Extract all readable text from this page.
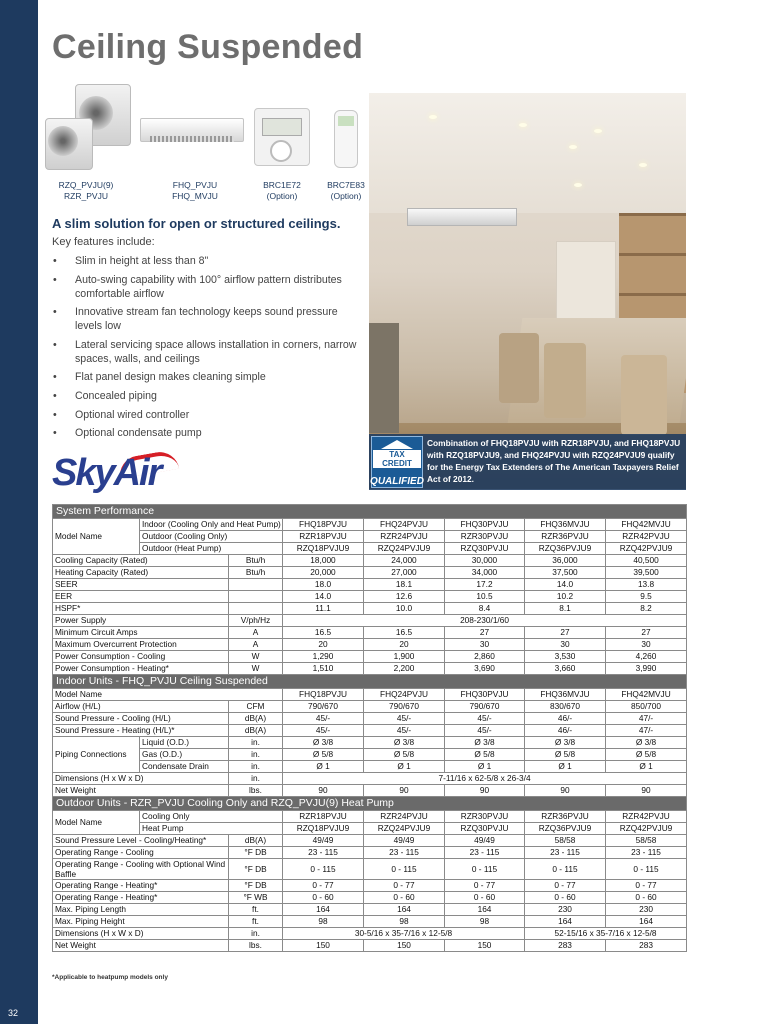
32
Ceiling Suspended
RZQ_PVJU(9)
RZR_PVJU
FHQ_PVJU
FHQ_MVJU
BRC1E72
(Option)
BRC7E83
(Option)
TAX
CREDIT
QUALIFIED
Combination of FHQ18PVJU with RZR18PVJU, and FHQ18PVJU with RZQ18PVJU9, and FHQ24PVJU with RZQ24PVJU9 qualify for the Energy Tax Extenders of The American Taxpayers Relief Act of 2012.
A slim solution for open or structured ceilings.
Key features include:
• Slim in height at less than 8"
• Auto-swing capability with 100° airflow pattern distributes comfortable airflow
• Innovative stream fan technology keeps sound pressure levels low
• Lateral servicing space allows installation in corners, narrow spaces, walls, and ceilings
• Flat panel design makes cleaning simple
• Concealed piping
• Optional wired controller
• Optional condensate pump
SkyAir
System Performance							
Model Name	Indoor (Cooling Only and Heat Pump)		FHQ18PVJU	FHQ24PVJU	FHQ30PVJU	FHQ36MVJU	FHQ42MVJU
	Outdoor (Cooling Only)		RZR18PVJU	RZR24PVJU	RZR30PVJU	RZR36PVJU	RZR42PVJU
	Outdoor (Heat Pump)		RZQ18PVJU9	RZQ24PVJU9	RZQ30PVJU	RZQ36PVJU9	RZQ42PVJU9
Cooling Capacity (Rated)		Btu/h	18,000	24,000	30,000	36,000	40,500
Heating Capacity (Rated)		Btu/h	20,000	27,000	34,000	37,500	39,500
SEER			18.0	18.1	17.2	14.0	13.8
EER			14.0	12.6	10.5	10.2	9.5
HSPF*			11.1	10.0	8.4	8.1	8.2
Power Supply		V/ph/Hz	208-230/1/60				
Minimum Circuit Amps		A	16.5	16.5	27	27	27
Maximum Overcurrent Protection		A	20	20	30	30	30
Power Consumption - Cooling		W	1,290	1,900	2,860	3,530	4,260
Power Consumption - Heating*		W	1,510	2,200	3,690	3,660	3,990
Indoor Units - FHQ_PVJU Ceiling Suspended							
Model Name			FHQ18PVJU	FHQ24PVJU	FHQ30PVJU	FHQ36MVJU	FHQ42MVJU
Airflow (H/L)		CFM	790/670	790/670	790/670	830/670	850/700
Sound Pressure - Cooling (H/L)		dB(A)	45/-	45/-	45/-	46/-	47/-
Sound Pressure - Heating (H/L)*		dB(A)	45/-	45/-	45/-	46/-	47/-
Piping Connections	Liquid (O.D.)	in.	Ø 3/8	Ø 3/8	Ø 3/8	Ø 3/8	Ø 3/8
	Gas (O.D.)	in.	Ø 5/8	Ø 5/8	Ø 5/8	Ø 5/8	Ø 5/8
	Condensate Drain	in.	Ø 1	Ø 1	Ø 1	Ø 1	Ø 1
Dimensions (H x W x D)		in.	7-11/16 x 62-5/8 x 26-3/4				
Net Weight		lbs.	90	90	90	90	90
Outdoor Units - RZR_PVJU Cooling Only and RZQ_PVJU(9) Heat Pump							
Model Name	Cooling Only		RZR18PVJU	RZR24PVJU	RZR30PVJU	RZR36PVJU	RZR42PVJU
	Heat Pump		RZQ18PVJU9	RZQ24PVJU9	RZQ30PVJU	RZQ36PVJU9	RZQ42PVJU9
Sound Pressure Level - Cooling/Heating*		dB(A)	49/49	49/49	49/49	58/58	58/58
Operating Range - Cooling		°F DB	23 - 115	23 - 115	23 - 115	23 - 115	23 - 115
Operating Range - Cooling with Optional Wind Baffle		°F DB	0 - 115	0 - 115	0 - 115	0 - 115	0 - 115
Operating Range - Heating*		°F DB	0 - 77	0 - 77	0 - 77	0 - 77	0 - 77
Operating Range - Heating*		°F WB	0 - 60	0 - 60	0 - 60	0 - 60	0 - 60
Max. Piping Length		ft.	164	164	164	230	230
Max. Piping Height		ft.	98	98	98	164	164
Dimensions (H x W x D)		in.	30-5/16 x 35-7/16 x 12-5/8			52-15/16 x 35-7/16 x 12-5/8	
Net Weight		lbs.	150	150	150	283	283
*Applicable to heatpump models only
